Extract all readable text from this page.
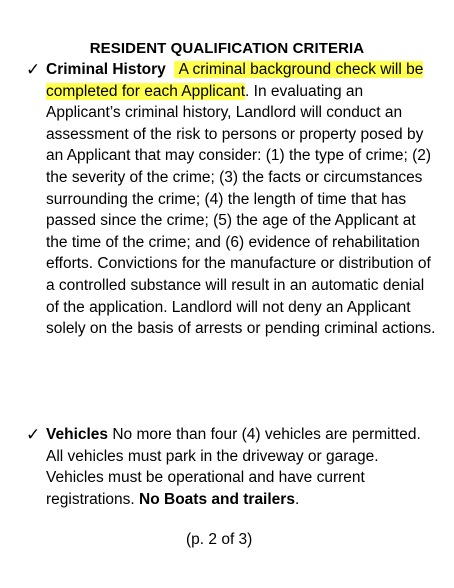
RESIDENT QUALIFICATION CRITERIA
✓ Criminal History A criminal background check will be completed for each Applicant. In evaluating an Applicant’s criminal history, Landlord will conduct an assessment of the risk to persons or property posed by an Applicant that may consider: (1) the type of crime; (2) the severity of the crime; (3) the facts or circumstances surrounding the crime; (4) the length of time that has passed since the crime; (5) the age of the Applicant at the time of the crime; and (6) evidence of rehabilitation efforts. Convictions for the manufacture or distribution of a controlled substance will result in an automatic denial of the application. Landlord will not deny an Applicant solely on the basis of arrests or pending criminal actions.
✓ Vehicles No more than four (4) vehicles are permitted. All vehicles must park in the driveway or garage. Vehicles must be operational and have current registrations. No Boats and trailers.
(p. 2 of 3)
